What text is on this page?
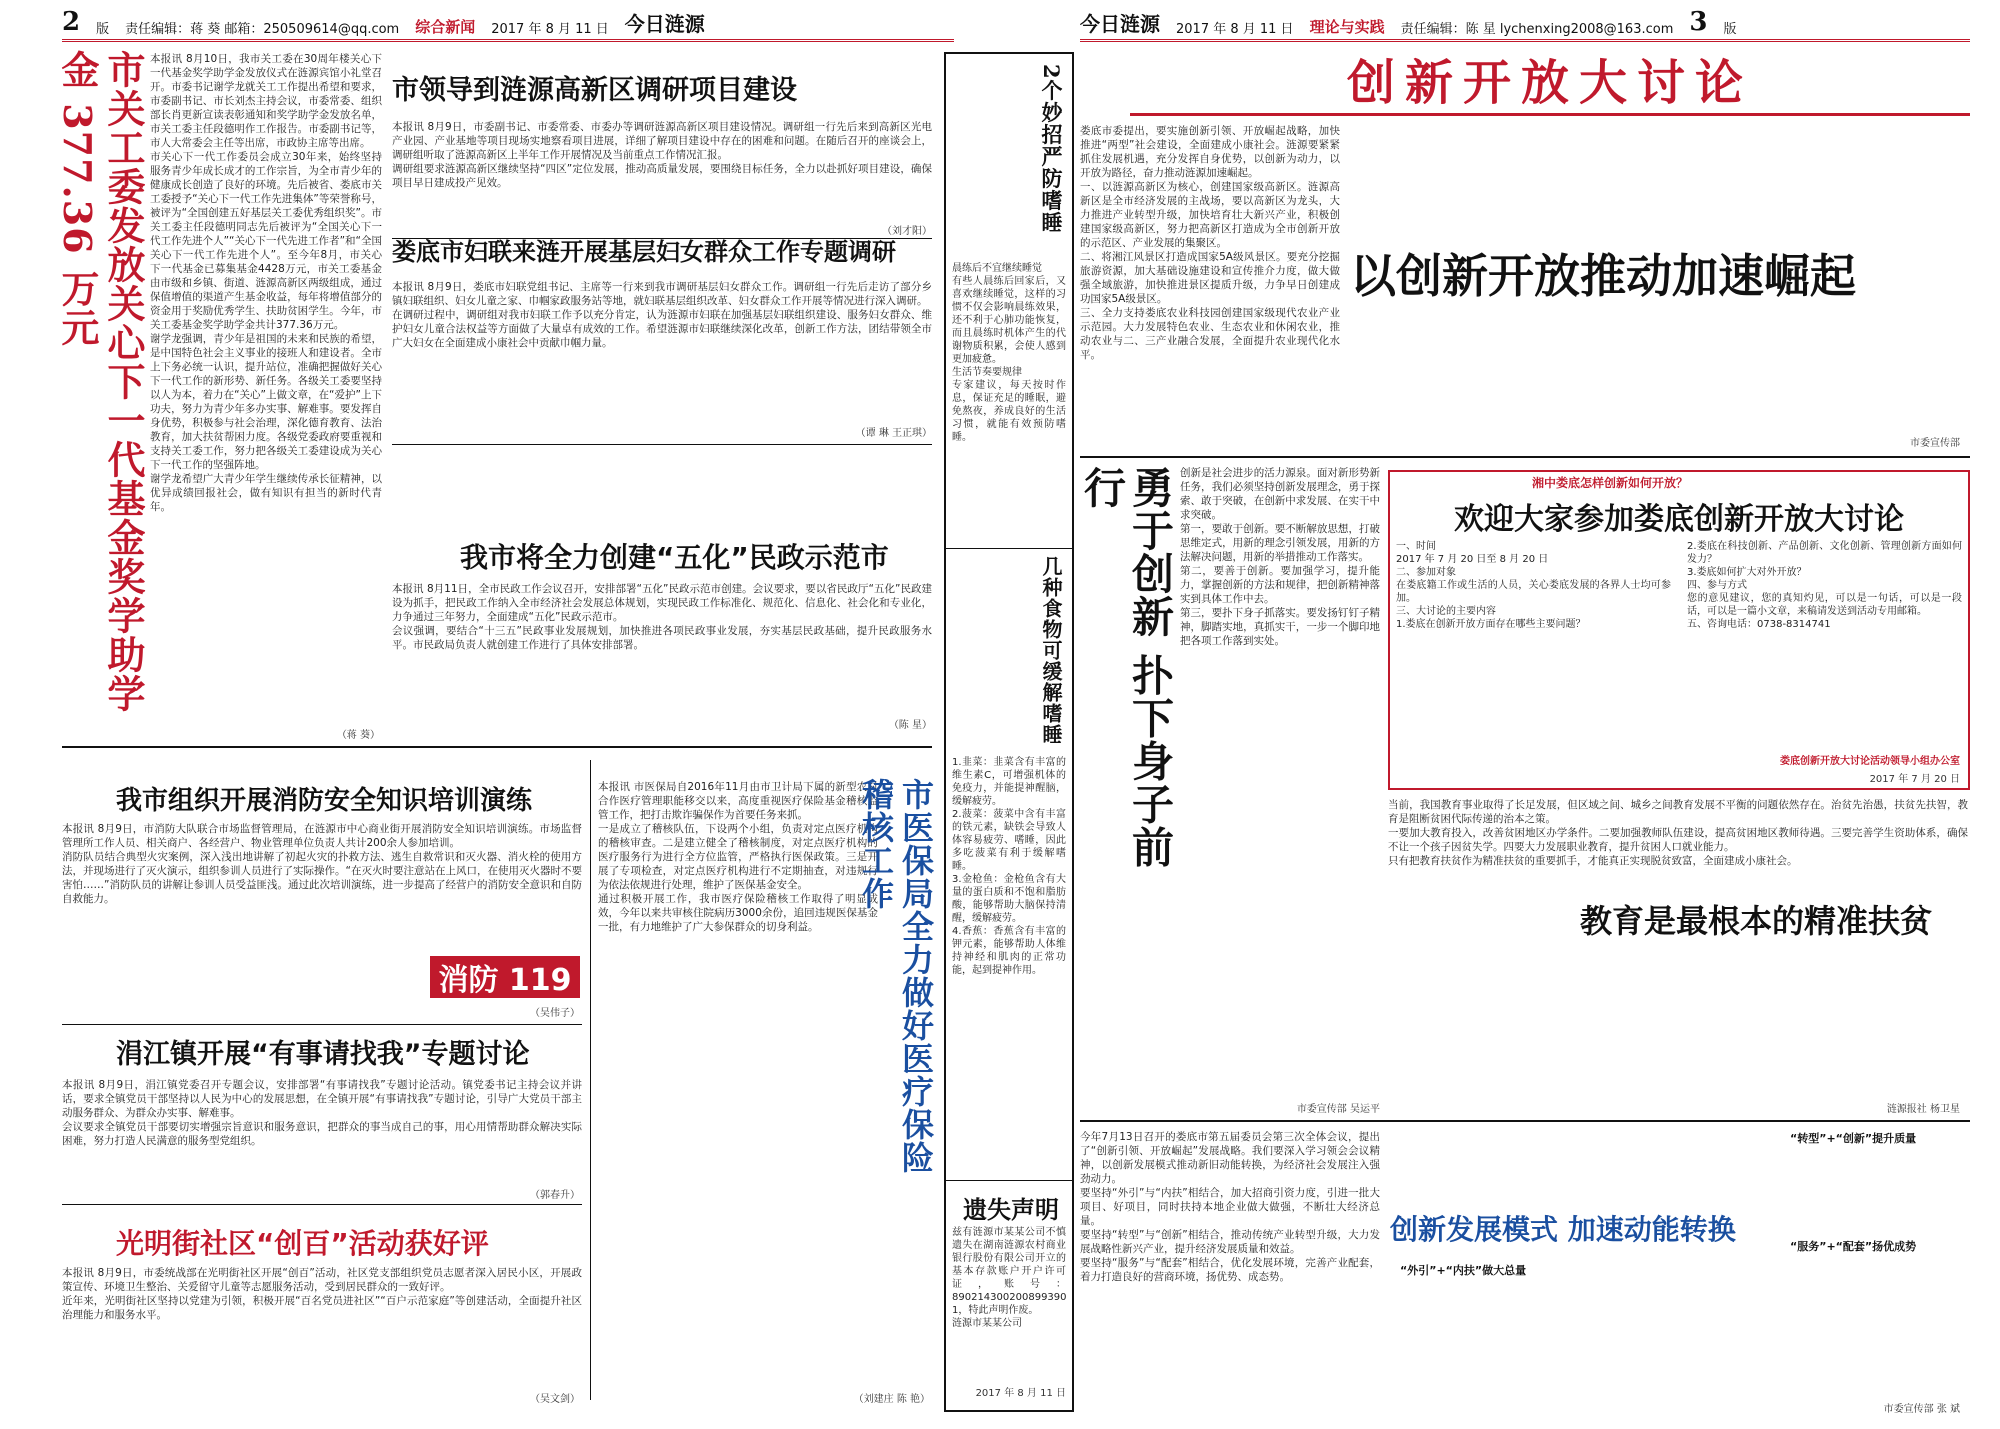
2 版 责任编辑：蒋 葵 邮箱：250509614@qq.com 综合新闻 2017 年 8 月 11 日 今日涟源	今日涟源 2017 年 8 月 11 日 理论与实践 责任编辑：陈 星 lychenxing2008@163.com 3 版
市关工委发放关心下一代基金奖学助学金 377.36 万元	本报讯 8月10日，我市关工委在30周年楼关心下一代基金奖学助学金发放仪式在涟源宾馆小礼堂召开。市委书记谢学龙就关工工作提出希望和要求，市委副书记、市长刘杰主持会议，市委常委、组织部长肖更新宣读表彰通知和奖学助学金发放名单，市关工委主任段德明作工作报告。市委副书记等，市人大常委会主任等出席，市政协主席等出席。
市关心下一代工作委员会成立30年来，始终坚持服务青少年成长成才的工作宗旨，为全市青少年的健康成长创造了良好的环境。先后被省、娄底市关工委授予“关心下一代工作先进集体”等荣誉称号，被评为“全国创建五好基层关工委优秀组织奖”。市关工委主任段德明同志先后被评为“全国关心下一代工作先进个人”“关心下一代先进工作者”和“全国关心下一代工作先进个人”。至今年8月，市关心下一代基金已募集基金4428万元，市关工委基金由市级和乡镇、街道、涟源高新区两级组成，通过保值增值的渠道产生基金收益，每年将增值部分的资金用于奖励优秀学生、扶助贫困学生。今年，市关工委基金奖学助学金共计377.36万元。
谢学龙强调，青少年是祖国的未来和民族的希望，是中国特色社会主义事业的接班人和建设者。全市上下务必统一认识，提升站位，准确把握做好关心下一代工作的新形势、新任务。各级关工委要坚持以人为本，着力在“关心”上做文章，在“爱护”上下功夫，努力为青少年多办实事、解难事。要发挥自身优势，积极参与社会治理，深化德育教育、法治教育，加大扶贫帮困力度。各级党委政府要重视和支持关工委工作，努力把各级关工委建设成为关心下一代工作的坚强阵地。
谢学龙希望广大青少年学生继续传承长征精神，以优异成绩回报社会，做有知识有担当的新时代青年。
（蒋 葵）
市领导到涟源高新区调研项目建设
本报讯 8月9日，市委副书记、市委常委、市委办等调研涟源高新区项目建设情况。调研组一行先后来到高新区光电产业园、产业基地等项目现场实地察看项目进展，详细了解项目建设中存在的困难和问题。在随后召开的座谈会上，调研组听取了涟源高新区上半年工作开展情况及当前重点工作情况汇报。
调研组要求涟源高新区继续坚持“四区”定位发展，推动高质量发展，要围绕目标任务，全力以赴抓好项目建设，确保项目早日建成投产见效。
（刘才阳）
娄底市妇联来涟开展基层妇女群众工作专题调研
本报讯 8月9日，娄底市妇联党组书记、主席等一行来到我市调研基层妇女群众工作。调研组一行先后走访了部分乡镇妇联组织、妇女儿童之家、巾帼家政服务站等地，就妇联基层组织改革、妇女群众工作开展等情况进行深入调研。
在调研过程中，调研组对我市妇联工作予以充分肯定，认为涟源市妇联在加强基层妇联组织建设、服务妇女群众、维护妇女儿童合法权益等方面做了大量卓有成效的工作。希望涟源市妇联继续深化改革，创新工作方法，团结带领全市广大妇女在全面建成小康社会中贡献巾帼力量。
（谭 琳 王正琪）
我市将全力创建“五化”民政示范市
本报讯 8月11日，全市民政工作会议召开，安排部署“五化”民政示范市创建。会议要求，要以省民政厅“五化”民政建设为抓手，把民政工作纳入全市经济社会发展总体规划，实现民政工作标准化、规范化、信息化、社会化和专业化，力争通过三年努力，全面建成“五化”民政示范市。
会议强调，要结合“十三五”民政事业发展规划，加快推进各项民政事业发展，夯实基层民政基础，提升民政服务水平。市民政局负责人就创建工作进行了具体安排部署。
（陈 星）
我市组织开展消防安全知识培训演练
本报讯 8月9日，市消防大队联合市场监督管理局，在涟源市中心商业街开展消防安全知识培训演练。市场监督管理所工作人员、相关商户、各经营户、物业管理单位负责人共计200余人参加培训。
消防队员结合典型火灾案例，深入浅出地讲解了初起火灾的扑救方法、逃生自救常识和灭火器、消火栓的使用方法，并现场进行了灭火演示，组织参训人员进行了实际操作。“在灭火时要注意站在上风口，在使用灭火器时不要害怕……”消防队员的讲解让参训人员受益匪浅。通过此次培训演练，进一步提高了经营户的消防安全意识和自防自救能力。
消防 119
（吴伟子）
涓江镇开展“有事请找我”专题讨论
本报讯 8月9日，涓江镇党委召开专题会议，安排部署“有事请找我”专题讨论活动。镇党委书记主持会议并讲话，要求全镇党员干部坚持以人民为中心的发展思想，在全镇开展“有事请找我”专题讨论，引导广大党员干部主动服务群众、为群众办实事、解难事。
会议要求全镇党员干部要切实增强宗旨意识和服务意识，把群众的事当成自己的事，用心用情帮助群众解决实际困难，努力打造人民满意的服务型党组织。
（郭春升）
光明街社区“创百”活动获好评
本报讯 8月9日，市委统战部在光明街社区开展“创百”活动，社区党支部组织党员志愿者深入居民小区，开展政策宣传、环境卫生整治、关爱留守儿童等志愿服务活动，受到居民群众的一致好评。
近年来，光明街社区坚持以党建为引领，积极开展“百名党员进社区”“百户示范家庭”等创建活动，全面提升社区治理能力和服务水平。
（吴文剑）
本报讯 市医保局自2016年11月由市卫计局下属的新型农村合作医疗管理职能移交以来，高度重视医疗保险基金稽核监管工作，把打击欺诈骗保作为首要任务来抓。
一是成立了稽核队伍，下设两个小组，负责对定点医疗机构的稽核审查。二是建立健全了稽核制度，对定点医疗机构的医疗服务行为进行全方位监管，严格执行医保政策。三是开展了专项检查，对定点医疗机构进行不定期抽查，对违规行为依法依规进行处理，维护了医保基金安全。
通过积极开展工作，我市医疗保险稽核工作取得了明显成效，今年以来共审核住院病历3000余份，追回违规医保基金一批，有力地维护了广大参保群众的切身利益。	市医保局全力做好医疗保险稽核工作
（刘建庄 陈 艳）
2个妙招严防嗜睡
晨练后不宜继续睡觉
有些人晨练后回家后，又喜欢继续睡觉，这样的习惯不仅会影响晨练效果，还不利于心肺功能恢复，而且晨练时机体产生的代谢物质积累，会使人感到更加疲惫。
生活节奏要规律
专家建议，每天按时作息，保证充足的睡眠，避免熬夜，养成良好的生活习惯，就能有效预防嗜睡。
几种食物可缓解嗜睡
1.韭菜：韭菜含有丰富的维生素C，可增强机体的免疫力，并能提神醒脑，缓解疲劳。
2.菠菜：菠菜中含有丰富的铁元素，缺铁会导致人体容易疲劳、嗜睡，因此多吃菠菜有利于缓解嗜睡。
3.金枪鱼：金枪鱼含有大量的蛋白质和不饱和脂肪酸，能够帮助大脑保持清醒，缓解疲劳。
4.香蕉：香蕉含有丰富的钾元素，能够帮助人体维持神经和肌肉的正常功能，起到提神作用。
遗失声明
兹有涟源市某某公司不慎遗失在湖南涟源农村商业银行股份有限公司开立的基本存款账户开户许可证，账号：890214300200899390 1，特此声明作废。
涟源市某某公司
2017 年 8 月 11 日
创新开放大讨论
以创新开放推动加速崛起
娄底市委提出，要实施创新引领、开放崛起战略，加快推进“两型”社会建设，全面建成小康社会。涟源要紧紧抓住发展机遇，充分发挥自身优势，以创新为动力，以开放为路径，奋力推动涟源加速崛起。
一、以涟源高新区为核心，创建国家级高新区。涟源高新区是全市经济发展的主战场，要以高新区为龙头，大力推进产业转型升级，加快培育壮大新兴产业，积极创建国家级高新区，努力把高新区打造成为全市创新开放的示范区、产业发展的集聚区。
二、将湘江风景区打造成国家5A级风景区。要充分挖掘旅游资源，加大基础设施建设和宣传推介力度，做大做强全域旅游，加快推进景区提质升级，力争早日创建成功国家5A级景区。
三、全力支持娄底农业科技园创建国家级现代农业产业示范园。大力发展特色农业、生态农业和休闲农业，推动农业与二、三产业融合发展，全面提升农业现代化水平。
市委宣传部
勇于创新 扑下身子前行	创新是社会进步的活力源泉。面对新形势新任务，我们必须坚持创新发展理念，勇于探索、敢于突破，在创新中求发展、在实干中求突破。
第一，要敢于创新。要不断解放思想，打破思维定式，用新的理念引领发展，用新的方法解决问题，用新的举措推动工作落实。
第二，要善于创新。要加强学习，提升能力，掌握创新的方法和规律，把创新精神落实到具体工作中去。
第三，要扑下身子抓落实。要发扬钉钉子精神，脚踏实地，真抓实干，一步一个脚印地把各项工作落到实处。
市委宣传部 吴运平
湘中娄底怎样创新如何开放？
欢迎大家参加娄底创新开放大讨论
一、时间
2017 年 7 月 20 日至 8 月 20 日
二、参加对象
在娄底籍工作或生活的人员，关心娄底发展的各界人士均可参加。
三、大讨论的主要内容
1.娄底在创新开放方面存在哪些主要问题？
2.娄底在科技创新、产品创新、文化创新、管理创新方面如何发力？
3.娄底如何扩大对外开放？
四、参与方式
您的意见建议，您的真知灼见，可以是一句话，可以是一段话，可以是一篇小文章，来稿请发送到活动专用邮箱。
五、咨询电话：0738-8314741
娄底创新开放大讨论活动领导小组办公室
2017 年 7 月 20 日
教育是最根本的精准扶贫
当前，我国教育事业取得了长足发展，但区域之间、城乡之间教育发展不平衡的问题依然存在。治贫先治愚，扶贫先扶智，教育是阻断贫困代际传递的治本之策。
一要加大教育投入，改善贫困地区办学条件。二要加强教师队伍建设，提高贫困地区教师待遇。三要完善学生资助体系，确保不让一个孩子因贫失学。四要大力发展职业教育，提升贫困人口就业能力。
只有把教育扶贫作为精准扶贫的重要抓手，才能真正实现脱贫致富，全面建成小康社会。
涟源报社 杨卫星
今年7月13日召开的娄底市第五届委员会第三次全体会议，提出了“创新引领、开放崛起”发展战略。我们要深入学习领会会议精神，以创新发展模式推动新旧动能转换，为经济社会发展注入强劲动力。
要坚持“外引”与“内扶”相结合，加大招商引资力度，引进一批大项目、好项目，同时扶持本地企业做大做强，不断壮大经济总量。
要坚持“转型”与“创新”相结合，推动传统产业转型升级，大力发展战略性新兴产业，提升经济发展质量和效益。
要坚持“服务”与“配套”相结合，优化发展环境，完善产业配套，着力打造良好的营商环境，扬优势、成态势。
创新发展模式 加速动能转换
“外引”+“内扶”做大总量
“转型”+“创新”提升质量
“服务”+“配套”扬优成势
市委宣传部 张 斌
